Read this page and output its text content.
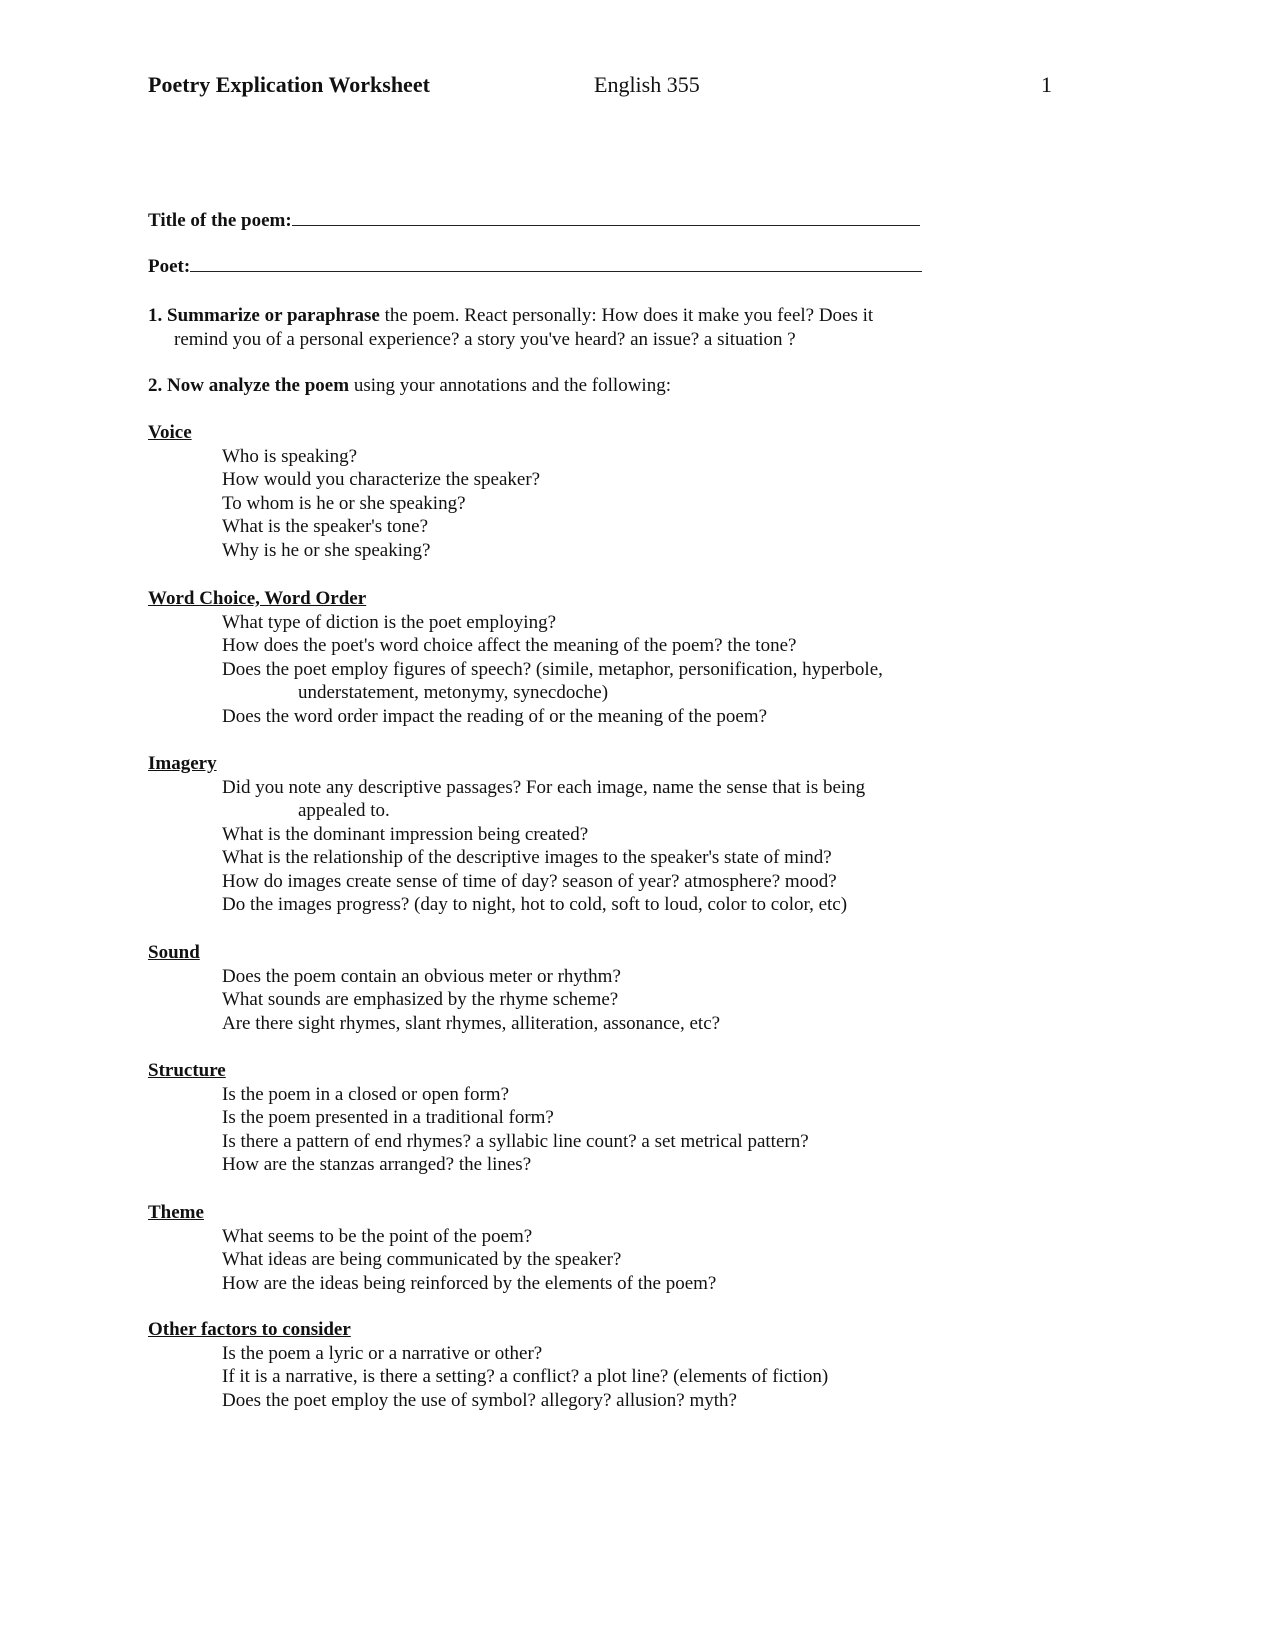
Poetry Explication Worksheet	English 355	1
Title of the poem:
Poet:
1. Summarize or paraphrase the poem. React personally: How does it make you feel? Does it
remind you of a personal experience? a story you've heard? an issue? a situation ?
2. Now analyze the poem using your annotations and the following:
Voice
Who is speaking?
How would you characterize the speaker?
To whom is he or she speaking?
What is the speaker's tone?
Why is he or she speaking?
Word Choice, Word Order
What type of diction is the poet employing?
How does the poet's word choice affect the meaning of the poem? the tone?
Does the poet employ figures of speech? (simile, metaphor, personification, hyperbole,
understatement, metonymy, synecdoche)
Does the word order impact the reading of or the meaning of the poem?
Imagery
Did you note any descriptive passages? For each image, name the sense that is being
appealed to.
What is the dominant impression being created?
What is the relationship of the descriptive images to the speaker's state of mind?
How do images create sense of time of day? season of year? atmosphere? mood?
Do the images progress? (day to night, hot to cold, soft to loud, color to color, etc)
Sound
Does the poem contain an obvious meter or rhythm?
What sounds are emphasized by the rhyme scheme?
Are there sight rhymes, slant rhymes, alliteration, assonance, etc?
Structure
Is the poem in a closed or open form?
Is the poem presented in a traditional form?
Is there a pattern of end rhymes? a syllabic line count? a set metrical pattern?
How are the stanzas arranged? the lines?
Theme
What seems to be the point of the poem?
What ideas are being communicated by the speaker?
How are the ideas being reinforced by the elements of the poem?
Other factors to consider
Is the poem a lyric or a narrative or other?
If it is a narrative, is there a setting? a conflict? a plot line? (elements of fiction)
Does the poet employ the use of symbol? allegory? allusion? myth?
